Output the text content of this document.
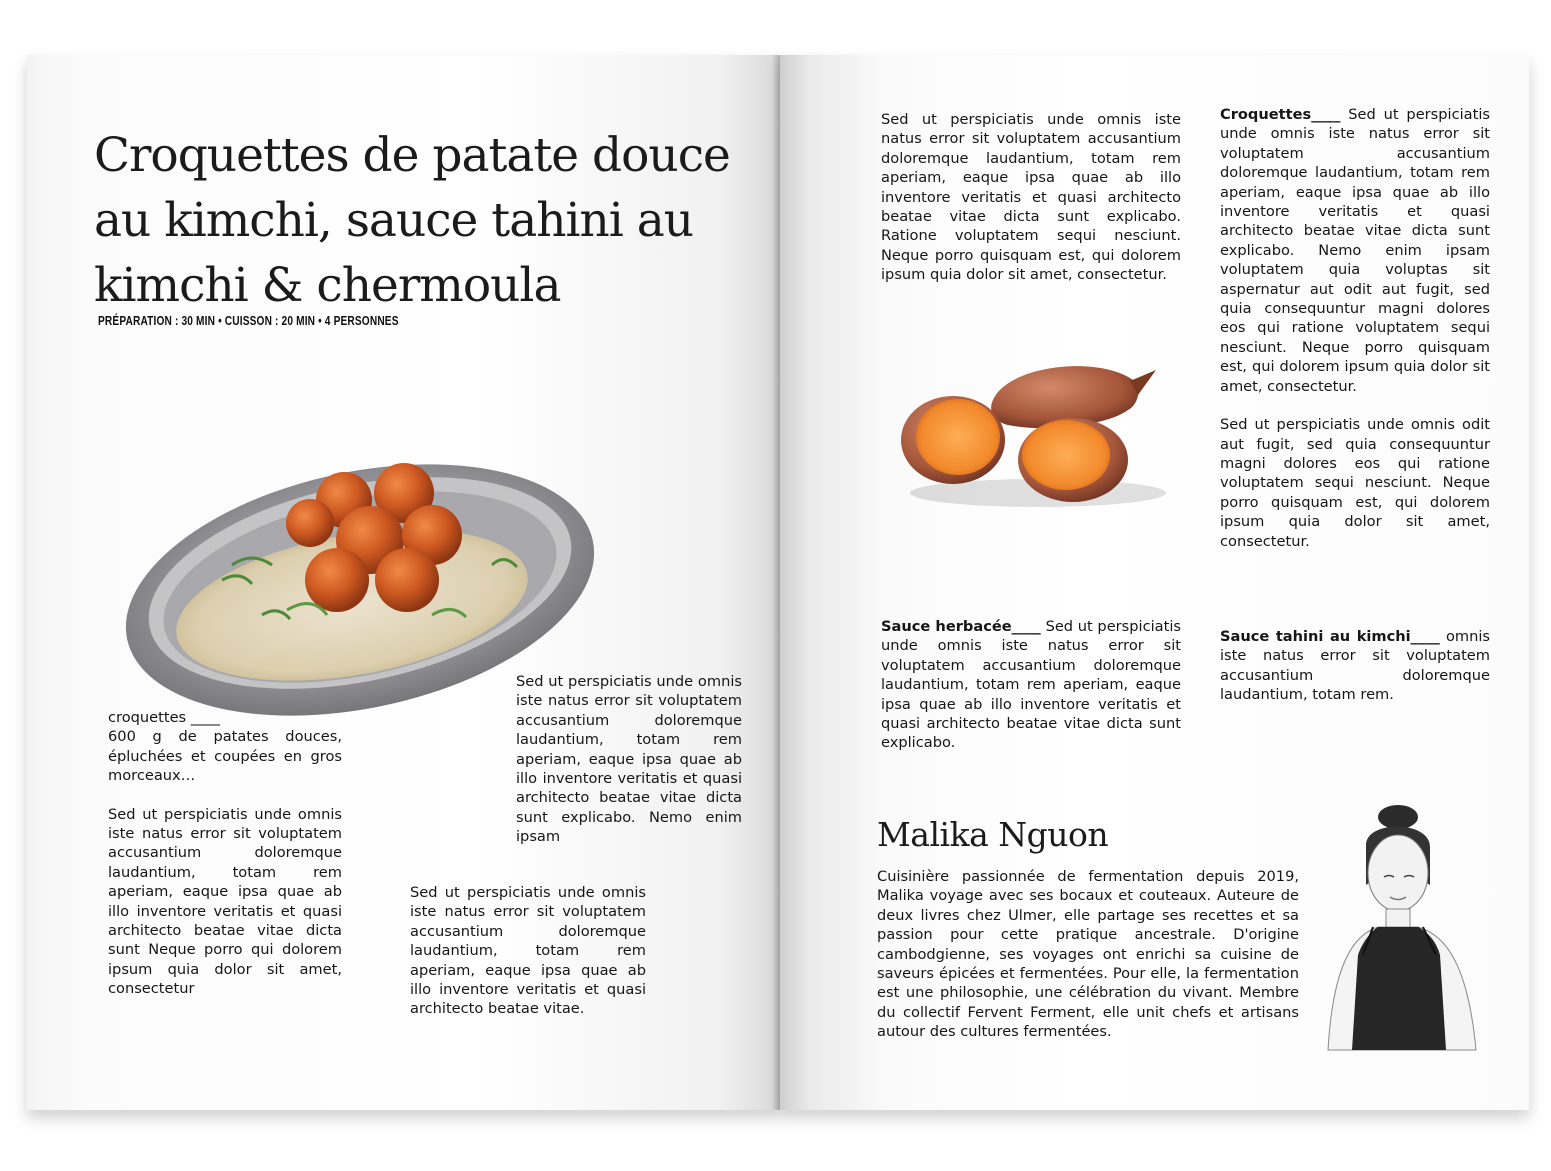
Croquettes de patate douce au kimchi, sauce tahini au kimchi & chermoula
PRÉPARATION : 30 MIN • CUISSON : 20 MIN • 4 PERSONNES

croquettes ____

600 g de patates douces, épluchées et coupées en gros morceaux…

Sed ut perspiciatis unde omnis iste natus error sit voluptatem accusantium doloremque laudantium, totam rem aperiam, eaque ipsa quae ab illo inventore veritatis et quasi architecto beatae vitae dicta sunt Neque porro qui dolorem ipsum quia dolor sit amet, consectetur

Sed ut perspiciatis unde omnis iste natus error sit voluptatem accusantium doloremque laudantium, totam rem aperiam, eaque ipsa quae ab illo inventore veritatis et quasi architecto beatae vitae.

Sed ut perspiciatis unde omnis iste natus error sit voluptatem accusantium doloremque laudantium, totam rem aperiam, eaque ipsa quae ab illo inventore veritatis et quasi architecto beatae vitae dicta sunt explicabo. Nemo enim ipsam

Sed ut perspiciatis unde omnis iste natus error sit voluptatem accusantium doloremque laudantium, totam rem aperiam, eaque ipsa quae ab illo inventore veritatis et quasi architecto beatae vitae dicta sunt explicabo. Ratione voluptatem sequi nesciunt. Neque porro quisquam est, qui dolorem ipsum quia dolor sit amet, consectetur.

Croquettes____ Sed ut perspiciatis unde omnis iste natus error sit voluptatem accusantium doloremque laudantium, totam rem aperiam, eaque ipsa quae ab illo inventore veritatis et quasi architecto beatae vitae dicta sunt explicabo. Nemo enim ipsam voluptatem quia voluptas sit aspernatur aut odit aut fugit, sed quia consequuntur magni dolores eos qui ratione voluptatem sequi nesciunt. Neque porro quisquam est, qui dolorem ipsum quia dolor sit amet, consectetur.

Sed ut perspiciatis unde omnis odit aut fugit, sed quia consequuntur magni dolores eos qui ratione voluptatem sequi nesciunt. Neque porro quisquam est, qui dolorem ipsum quia dolor sit amet, consectetur.

Sauce herbacée____ Sed ut perspiciatis unde omnis iste natus error sit voluptatem accusantium doloremque laudantium, totam rem aperiam, eaque ipsa quae ab illo inventore veritatis et quasi architecto beatae vitae dicta sunt explicabo.

Sauce tahini au kimchi____ omnis iste natus error sit voluptatem accusantium doloremque laudantium, totam rem.

Malika Nguon

Cuisinière passionnée de fermentation depuis 2019, Malika voyage avec ses bocaux et couteaux. Auteure de deux livres chez Ulmer, elle partage ses recettes et sa passion pour cette pratique ancestrale. D'origine cambodgienne, ses voyages ont enrichi sa cuisine de saveurs épicées et fermentées. Pour elle, la fermentation est une philosophie, une célébration du vivant. Membre du collectif Fervent Ferment, elle unit chefs et artisans autour des cultures fermentées.
